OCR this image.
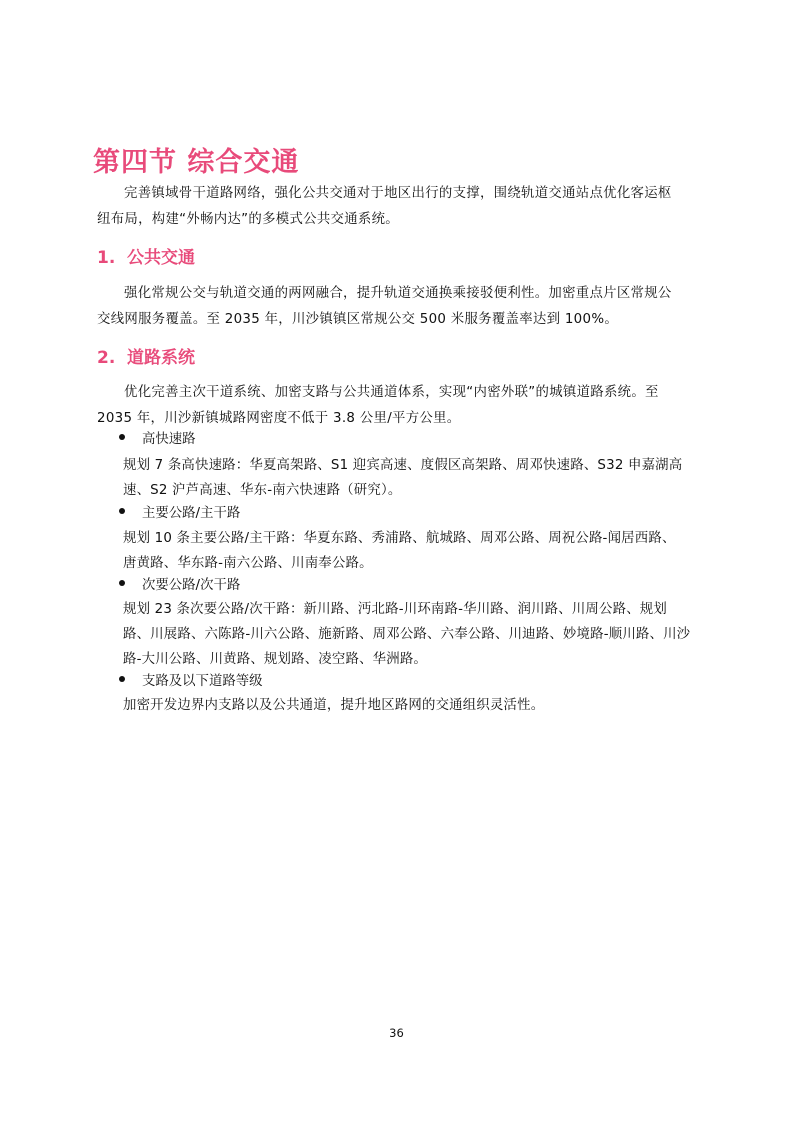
第四节 综合交通

完善镇域骨干道路网络，强化公共交通对于地区出行的支撑，围绕轨道交通站点优化客运枢
纽布局，构建“外畅内达”的多模式公共交通系统。

1. 公共交通

强化常规公交与轨道交通的两网融合，提升轨道交通换乘接驳便利性。加密重点片区常规公
交线网服务覆盖。至 2035 年，川沙镇镇区常规公交 500 米服务覆盖率达到 100%。

2. 道路系统

优化完善主次干道系统、加密支路与公共通道体系，实现“内密外联”的城镇道路系统。至
2035 年，川沙新镇城路网密度不低于 3.8 公里/平方公里。

高快速路

规划 7 条高快速路：华夏高架路、S1 迎宾高速、度假区高架路、周邓快速路、S32 申嘉湖高
速、S2 沪芦高速、华东-南六快速路（研究）。

主要公路/主干路

规划 10 条主要公路/主干路：华夏东路、秀浦路、航城路、周邓公路、周祝公路-闻居西路、
唐黄路、华东路-南六公路、川南奉公路。

次要公路/次干路

规划 23 条次要公路/次干路：新川路、沔北路-川环南路-华川路、润川路、川周公路、规划
路、川展路、六陈路-川六公路、施新路、周邓公路、六奉公路、川迪路、妙境路-顺川路、川沙
路-大川公路、川黄路、规划路、凌空路、华洲路。

支路及以下道路等级

加密开发边界内支路以及公共通道，提升地区路网的交通组织灵活性。

36
